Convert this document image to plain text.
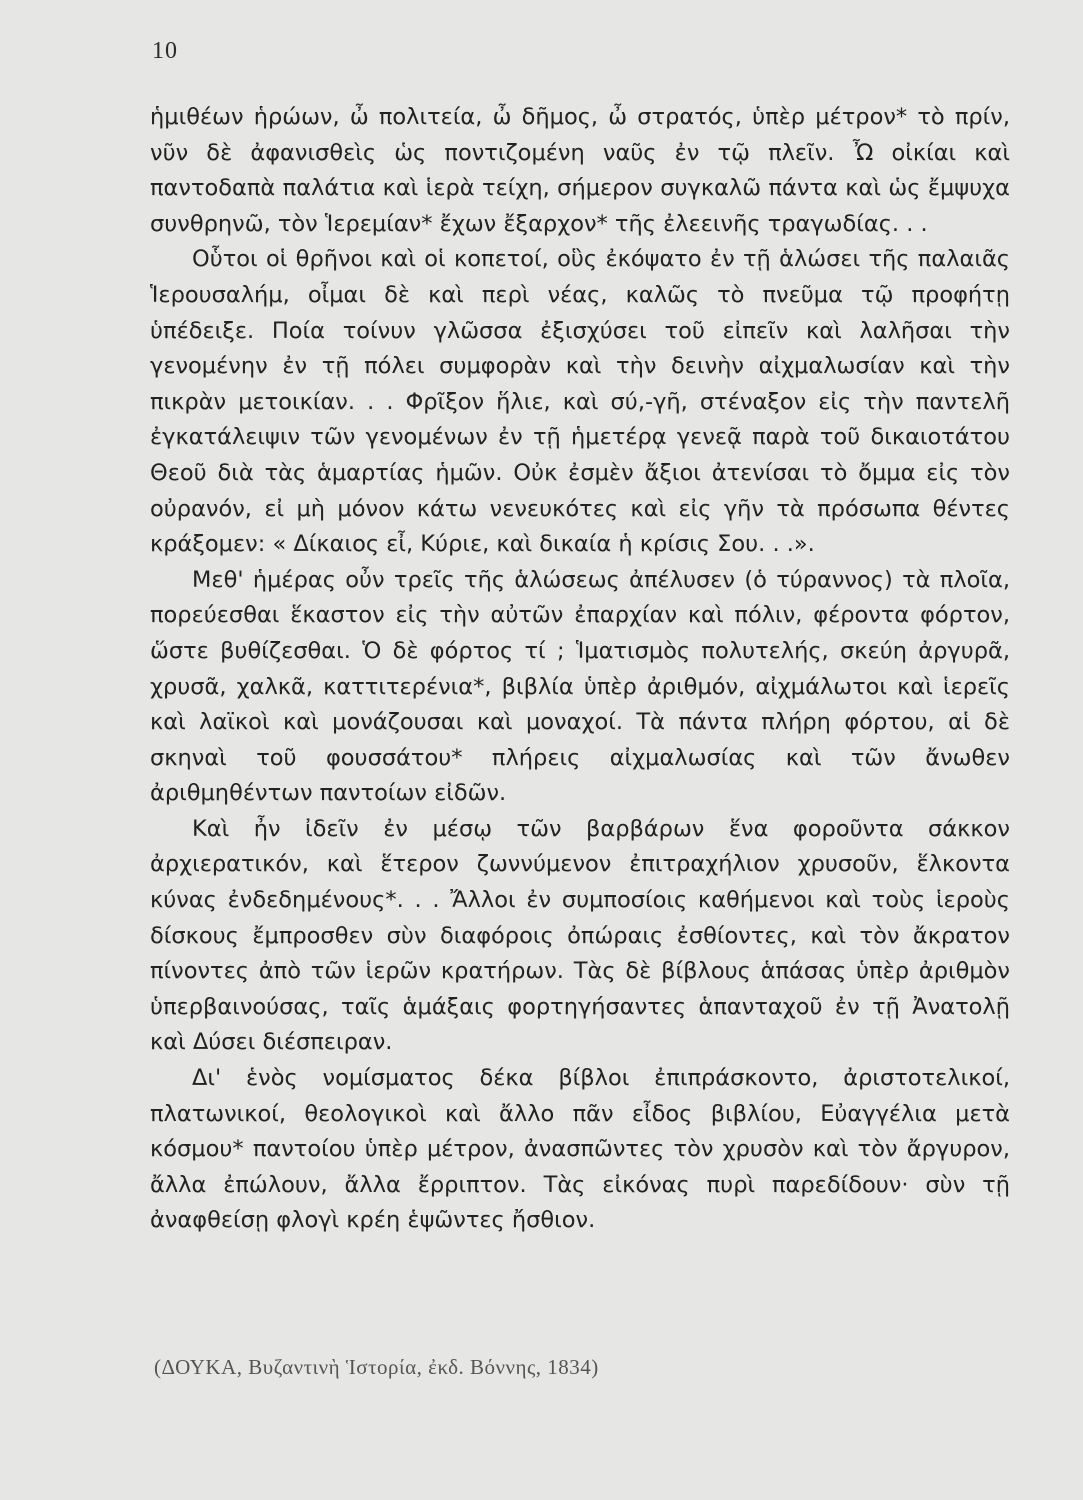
10

ἡμιθέων ἡρώων, ὦ πολιτεία, ὦ δῆμος, ὦ στρατός, ὑπὲρ μέτρον* τὸ πρίν, νῦν δὲ ἀφανισθεὶς ὡς ποντιζομένη ναῦς ἐν τῷ πλεῖν. Ὦ οἰκίαι καὶ παντοδαπὰ παλάτια καὶ ἱερὰ τείχη, σήμερον συγκαλῶ πάντα καὶ ὡς ἔμψυχα συνθρηνῶ, τὸν Ἱερεμίαν* ἔχων ἔξαρχον* τῆς ἐλεεινῆς τραγωδίας. . .

Οὗτοι οἱ θρῆνοι καὶ οἱ κοπετοί, οὓς ἐκόψατο ἐν τῇ ἁλώσει τῆς παλαιᾶς Ἱερουσαλήμ, οἶμαι δὲ καὶ περὶ νέας, καλῶς τὸ πνεῦμα τῷ προφήτῃ ὑπέδειξε. Ποία τοίνυν γλῶσσα ἐξισχύσει τοῦ εἰπεῖν καὶ λαλῆσαι τὴν γενομένην ἐν τῇ πόλει συμφορὰν καὶ τὴν δεινὴν αἰχμαλωσίαν καὶ τὴν πικρὰν μετοικίαν. . . Φρῖξον ἥλιε, καὶ σύ,-γῆ, στέναξον εἰς τὴν παντελῆ ἐγκατάλειψιν τῶν γενομένων ἐν τῇ ἡμετέρᾳ γενεᾷ παρὰ τοῦ δικαιοτάτου Θεοῦ διὰ τὰς ἁμαρτίας ἡμῶν. Οὐκ ἐσμὲν ἄξιοι ἀτενίσαι τὸ ὄμμα εἰς τὸν οὐρανόν, εἰ μὴ μόνον κάτω νενευκότες καὶ εἰς γῆν τὰ πρόσωπα θέντες κράξομεν: « Δίκαιος εἶ, Κύριε, καὶ δικαία ἡ κρίσις Σου. . .».

Μεθ' ἡμέρας οὖν τρεῖς τῆς ἁλώσεως ἀπέλυσεν (ὁ τύραννος) τὰ πλοῖα, πορεύεσθαι ἕκαστον εἰς τὴν αὐτῶν ἐπαρχίαν καὶ πόλιν, φέροντα φόρτον, ὥστε βυθίζεσθαι. Ὁ δὲ φόρτος τί ; Ἱματισμὸς πολυτελής, σκεύη ἀργυρᾶ, χρυσᾶ, χαλκᾶ, καττιτερένια*, βιβλία ὑπὲρ ἀριθμόν, αἰχμάλωτοι καὶ ἱερεῖς καὶ λαϊκοὶ καὶ μονάζουσαι καὶ μοναχοί. Τὰ πάντα πλήρη φόρτου, αἱ δὲ σκηναὶ τοῦ φουσσάτου* πλήρεις αἰχμαλωσίας καὶ τῶν ἄνωθεν ἀριθμηθέντων παντοίων εἰδῶν.

Καὶ ἦν ἰδεῖν ἐν μέσῳ τῶν βαρβάρων ἕνα φοροῦντα σάκκον ἀρχιερατικόν, καὶ ἕτερον ζωννύμενον ἐπιτραχήλιον χρυσοῦν, ἕλκοντα κύνας ἐνδεδημένους*. . . Ἄλλοι ἐν συμποσίοις καθήμενοι καὶ τοὺς ἱεροὺς δίσκους ἔμπροσθεν σὺν διαφόροις ὀπώραις ἐσθίοντες, καὶ τὸν ἄκρατον πίνοντες ἀπὸ τῶν ἱερῶν κρατήρων. Τὰς δὲ βίβλους ἁπάσας ὑπὲρ ἀριθμὸν ὑπερβαινούσας, ταῖς ἁμάξαις φορτηγήσαντες ἁπανταχοῦ ἐν τῇ Ἀνατολῇ καὶ Δύσει διέσπειραν.

Δι' ἑνὸς νομίσματος δέκα βίβλοι ἐπιπράσκοντο, ἀριστοτελικοί, πλατωνικοί, θεολογικοὶ καὶ ἄλλο πᾶν εἶδος βιβλίου, Εὐαγγέλια μετὰ κόσμου* παντοίου ὑπὲρ μέτρον, ἀνασπῶντες τὸν χρυσὸν καὶ τὸν ἄργυρον, ἄλλα ἐπώλουν, ἄλλα ἔρριπτον. Τὰς εἰκόνας πυρὶ παρεδίδουν· σὺν τῇ ἀναφθείσῃ φλογὶ κρέη ἑψῶντες ἤσθιον.

(ΔΟΥΚΑ, Βυζαντινὴ Ἱστορία, ἐκδ. Βόννης, 1834)
